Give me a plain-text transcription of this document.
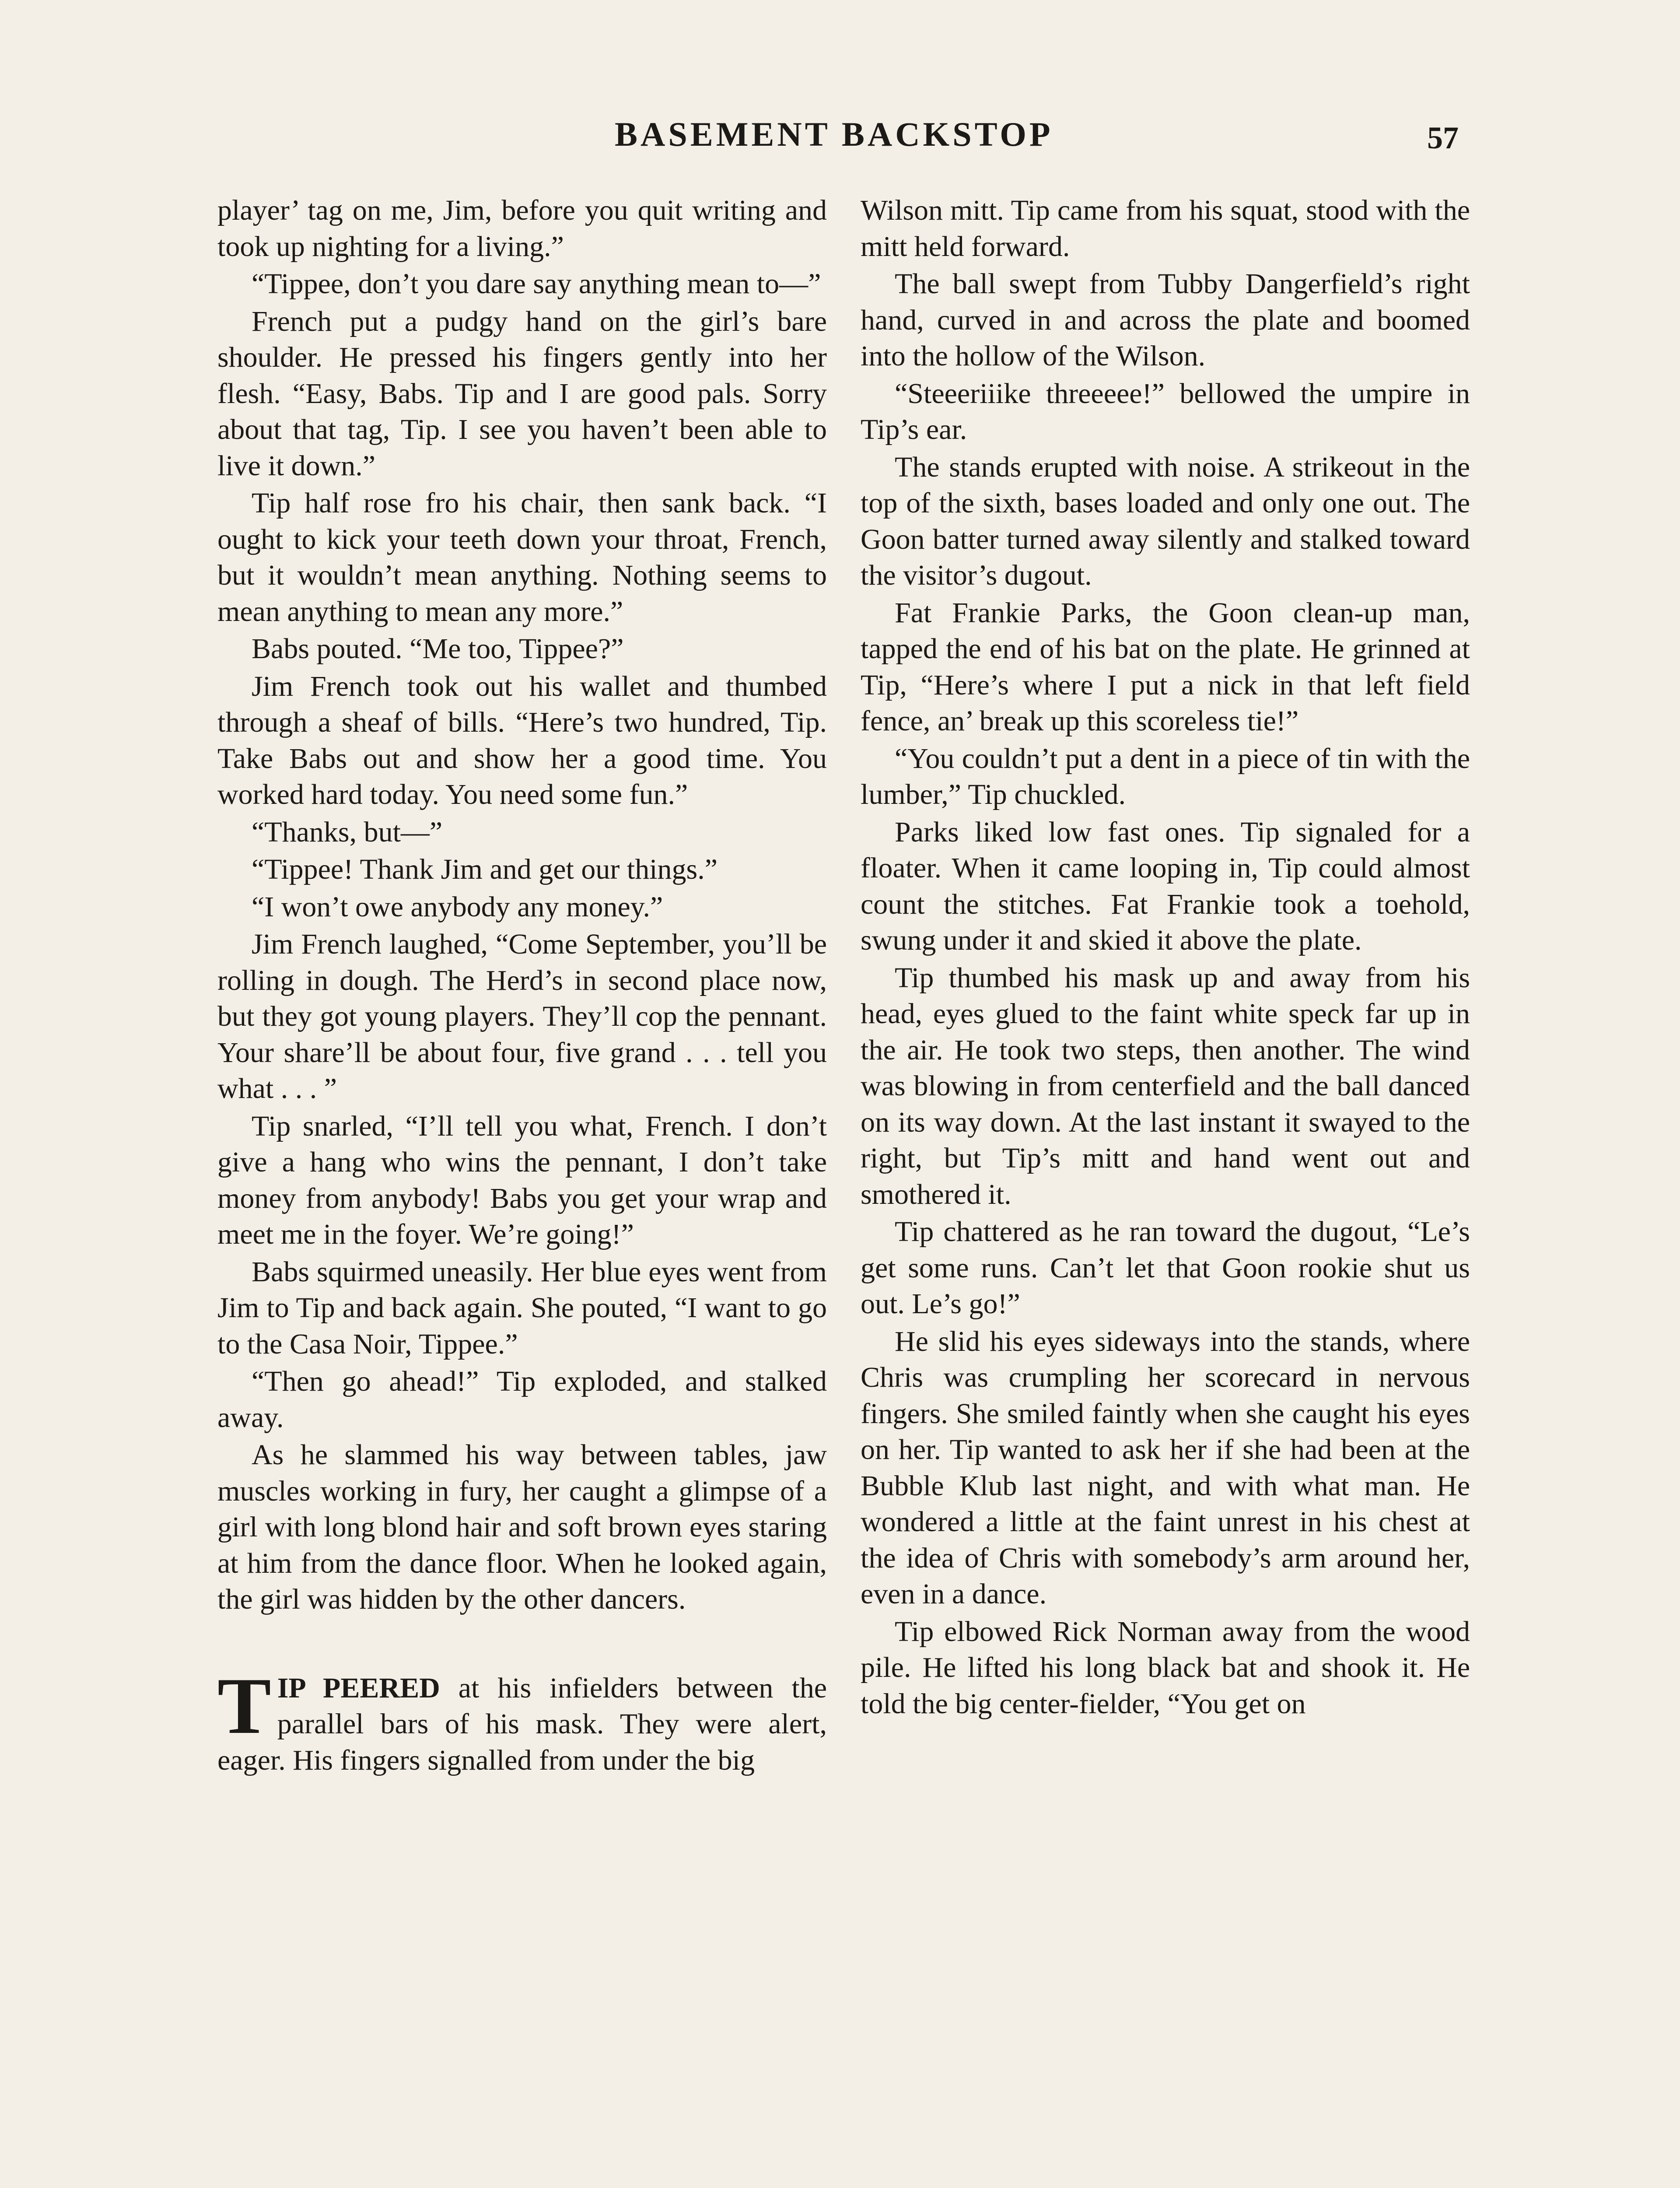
BASEMENT BACKSTOP	57

player’ tag on me, Jim, before you quit writing and took up nighting for a living.”

“Tippee, don’t you dare say anything mean to—”

French put a pudgy hand on the girl’s bare shoulder. He pressed his fingers gently into her flesh. “Easy, Babs. Tip and I are good pals. Sorry about that tag, Tip. I see you haven’t been able to live it down.”

Tip half rose fro his chair, then sank back. “I ought to kick your teeth down your throat, French, but it wouldn’t mean anything. Nothing seems to mean anything to mean any more.”

Babs pouted. “Me too, Tippee?”

Jim French took out his wallet and thumbed through a sheaf of bills. “Here’s two hundred, Tip. Take Babs out and show her a good time. You worked hard today. You need some fun.”

“Thanks, but—”

“Tippee! Thank Jim and get our things.”

“I won’t owe anybody any money.”

Jim French laughed, “Come September, you’ll be rolling in dough. The Herd’s in second place now, but they got young players. They’ll cop the pennant. Your share’ll be about four, five grand . . . tell you what . . . ”

Tip snarled, “I’ll tell you what, French. I don’t give a hang who wins the pennant, I don’t take money from anybody! Babs you get your wrap and meet me in the foyer. We’re going!”

Babs squirmed uneasily. Her blue eyes went from Jim to Tip and back again. She pouted, “I want to go to the Casa Noir, Tippee.”

“Then go ahead!” Tip exploded, and stalked away.

As he slammed his way between tables, jaw muscles working in fury, her caught a glimpse of a girl with long blond hair and soft brown eyes staring at him from the dance floor. When he looked again, the girl was hidden by the other dancers.

TIP PEERED at his infielders between the parallel bars of his mask. They were alert, eager. His fingers signalled from under the big

Wilson mitt. Tip came from his squat, stood with the mitt held forward.

The ball swept from Tubby Dangerfield’s right hand, curved in and across the plate and boomed into the hollow of the Wilson.

“Steeeriiike threeeee!” bellowed the umpire in Tip’s ear.

The stands erupted with noise. A strikeout in the top of the sixth, bases loaded and only one out. The Goon batter turned away silently and stalked toward the visitor’s dugout.

Fat Frankie Parks, the Goon clean-up man, tapped the end of his bat on the plate. He grinned at Tip, “Here’s where I put a nick in that left field fence, an’ break up this scoreless tie!”

“You couldn’t put a dent in a piece of tin with the lumber,” Tip chuckled.

Parks liked low fast ones. Tip signaled for a floater. When it came looping in, Tip could almost count the stitches. Fat Frankie took a toehold, swung under it and skied it above the plate.

Tip thumbed his mask up and away from his head, eyes glued to the faint white speck far up in the air. He took two steps, then another. The wind was blowing in from centerfield and the ball danced on its way down. At the last instant it swayed to the right, but Tip’s mitt and hand went out and smothered it.

Tip chattered as he ran toward the dugout, “Le’s get some runs. Can’t let that Goon rookie shut us out. Le’s go!”

He slid his eyes sideways into the stands, where Chris was crumpling her scorecard in nervous fingers. She smiled faintly when she caught his eyes on her. Tip wanted to ask her if she had been at the Bubble Klub last night, and with what man. He wondered a little at the faint unrest in his chest at the idea of Chris with somebody’s arm around her, even in a dance.

Tip elbowed Rick Norman away from the wood pile. He lifted his long black bat and shook it. He told the big center-fielder, “You get on
